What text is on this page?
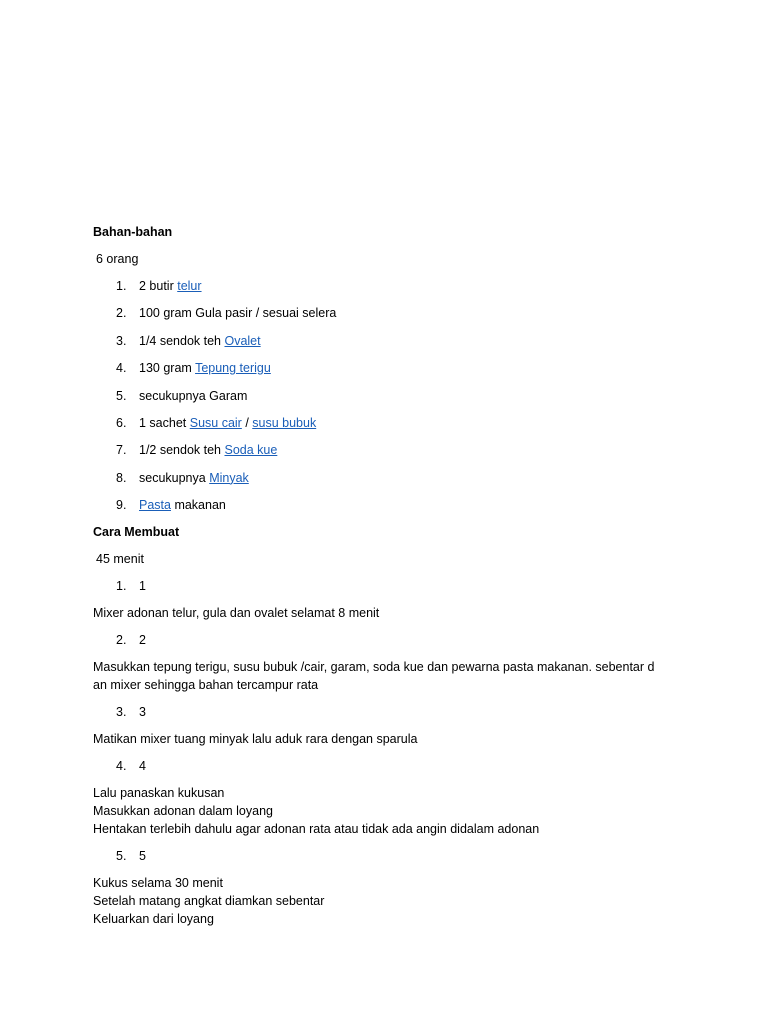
Bahan-bahan
6 orang
1. 2 butir telur
2. 100 gram Gula pasir / sesuai selera
3. 1/4 sendok teh Ovalet
4. 130 gram Tepung terigu
5. secukupnya Garam
6. 1 sachet Susu cair / susu bubuk
7. 1/2 sendok teh Soda kue
8. secukupnya Minyak
9. Pasta makanan
Cara Membuat
45 menit
1. 1
Mixer adonan telur, gula dan ovalet selamat 8 menit
2. 2
Masukkan tepung terigu, susu bubuk /cair, garam, soda kue dan pewarna pasta makanan. sebentar d
an mixer sehingga bahan tercampur rata
3. 3
Matikan mixer tuang minyak lalu aduk rara dengan sparula
4. 4
Lalu panaskan kukusan
Masukkan adonan dalam loyang
Hentakan terlebih dahulu agar adonan rata atau tidak ada angin didalam adonan
5. 5
Kukus selama 30 menit
Setelah matang angkat diamkan sebentar
Keluarkan dari loyang
